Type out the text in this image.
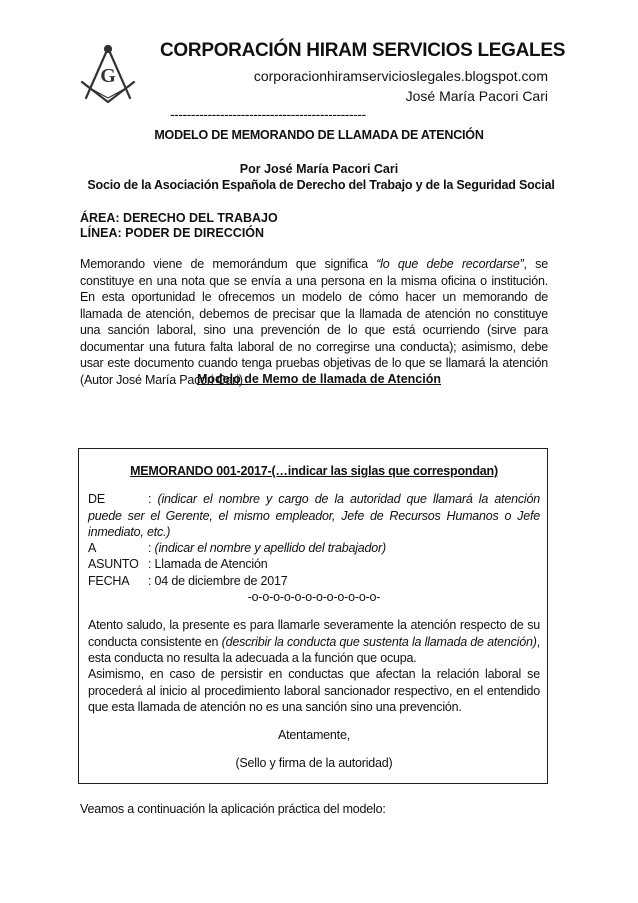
G
CORPORACIÓN HIRAM SERVICIOS LEGALES
corporacionhiramservicioslegales.blogspot.com
José María Pacori Cari
-----------------------------------------------
MODELO DE MEMORANDO DE LLAMADA DE ATENCIÓN
Por José María Pacori Cari
Socio de la Asociación Española de Derecho del Trabajo y de la Seguridad Social
ÁREA: DERECHO DEL TRABAJO
LÍNEA: PODER DE DIRECCIÓN
Memorando viene de memorándum que significa “lo que debe recordarse”, se constituye en una nota que se envía a una persona en la misma oficina o institución. En esta oportunidad le ofrecemos un modelo de cómo hacer un memorando de llamada de atención, debemos de precisar que la llamada de atención no constituye una sanción laboral, sino una prevención de lo que está ocurriendo (sirve para documentar una futura falta laboral de no corregirse una conducta); asimismo, debe usar este documento cuando tenga pruebas objetivas de lo que se llamará la atención (Autor José María Pacori Cari)
Modelo de Memo de llamada de Atención
MEMORANDO 001-2017-(…indicar las siglas que correspondan)
DE	: (indicar el nombre y cargo de la autoridad que llamará la atención puede ser el Gerente, el mismo empleador, Jefe de Recursos Humanos o Jefe inmediato, etc.)
A	: (indicar el nombre y apellido del trabajador)
ASUNTO : Llamada de Atención
FECHA : 04 de diciembre de 2017
-o-o-o-o-o-o-o-o-o-o-o-o-
Atento saludo, la presente es para llamarle severamente la atención respecto de su conducta consistente en (describir la conducta que sustenta la llamada de atención), esta conducta no resulta la adecuada a la función que ocupa.
Asimismo, en caso de persistir en conductas que afectan la relación laboral se procederá al inicio al procedimiento laboral sancionador respectivo, en el entendido que esta llamada de atención no es una sanción sino una prevención.
Atentamente,
(Sello y firma de la autoridad)
Veamos a continuación la aplicación práctica del modelo:
